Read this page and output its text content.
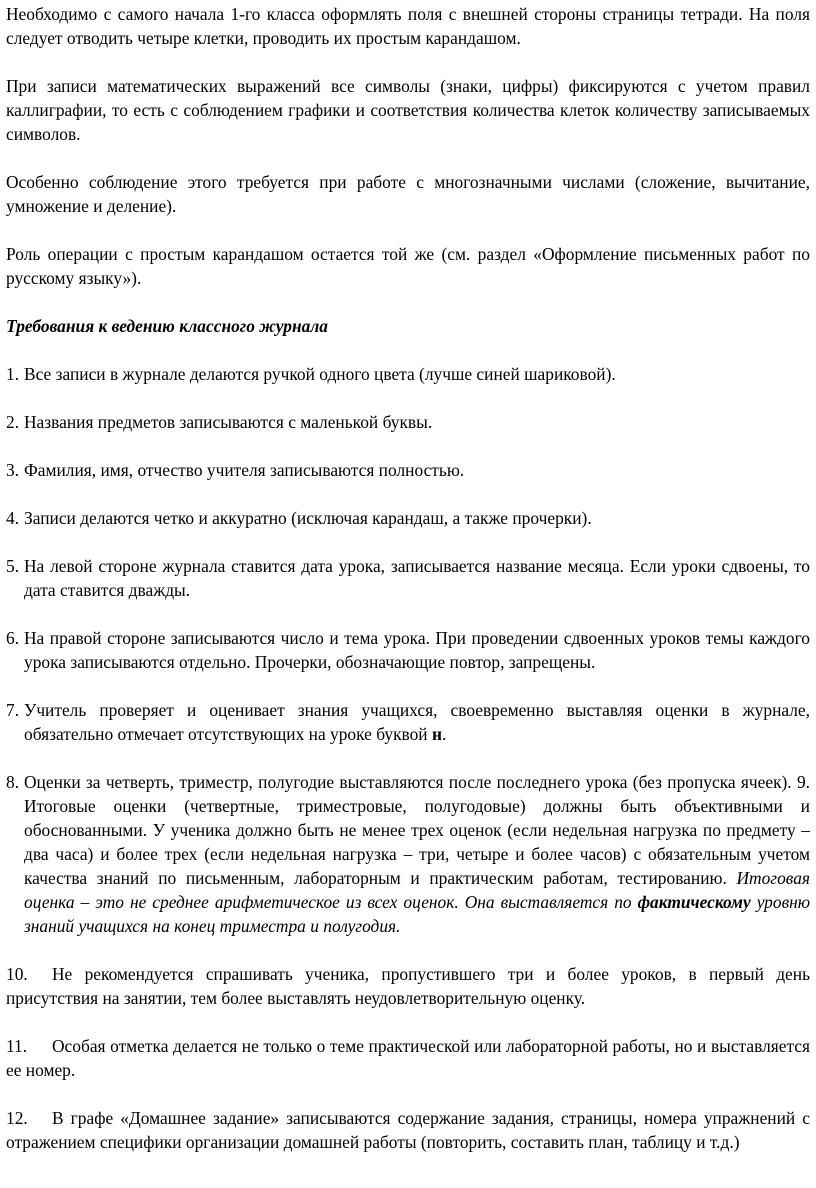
Необходимо с самого начала 1-го класса оформлять поля с внешней стороны страницы тетради. На поля следует отводить четыре клетки, проводить их простым карандашом.

При записи математических выражений все символы (знаки, цифры) фиксируются с учетом правил каллиграфии, то есть с соблюдением графики и соответствия количества клеток количеству записываемых символов.

Особенно соблюдение этого требуется при работе с многозначными числами (сложение, вычитание, умножение и деление).

Роль операции с простым карандашом остается той же (см. раздел «Оформление письменных работ по русскому языку»).

Требования к ведению классного журнала

1. Все записи в журнале делаются ручкой одного цвета (лучше синей шариковой).
2. Названия предметов записываются с маленькой буквы.
3. Фамилия, имя, отчество учителя записываются полностью.
4. Записи делаются четко и аккуратно (исключая карандаш, а также прочерки).
5. На левой стороне журнала ставится дата урока, записывается название месяца. Если уроки сдвоены, то дата ставится дважды.
6. На правой стороне записываются число и тема урока. При проведении сдвоенных уроков темы каждого урока записываются отдельно. Прочерки, обозначающие повтор, запрещены.
7. Учитель проверяет и оценивает знания учащихся, своевременно выставляя оценки в журнале, обязательно отмечает отсутствующих на уроке буквой н.
8. Оценки за четверть, триместр, полугодие выставляются после последнего урока (без пропуска ячеек). 9. Итоговые оценки (четвертные, триместровые, полугодовые) должны быть объективными и обоснованными. У ученика должно быть не менее трех оценок (если недельная нагрузка по предмету – два часа) и более трех (если недельная нагрузка – три, четыре и более часов) с обязательным учетом качества знаний по письменным, лабораторным и практическим работам, тестированию. Итоговая оценка – это не среднее арифметическое из всех оценок. Она выставляется по фактическому уровню знаний учащихся на конец триместра и полугодия.

10. Не рекомендуется спрашивать ученика, пропустившего три и более уроков, в первый день присутствия на занятии, тем более выставлять неудовлетворительную оценку.

11. Особая отметка делается не только о теме практической или лабораторной работы, но и выставляется ее номер.

12. В графе «Домашнее задание» записываются содержание задания, страницы, номера упражнений с отражением специфики организации домашней работы (повторить, составить план, таблицу и т.д.)
